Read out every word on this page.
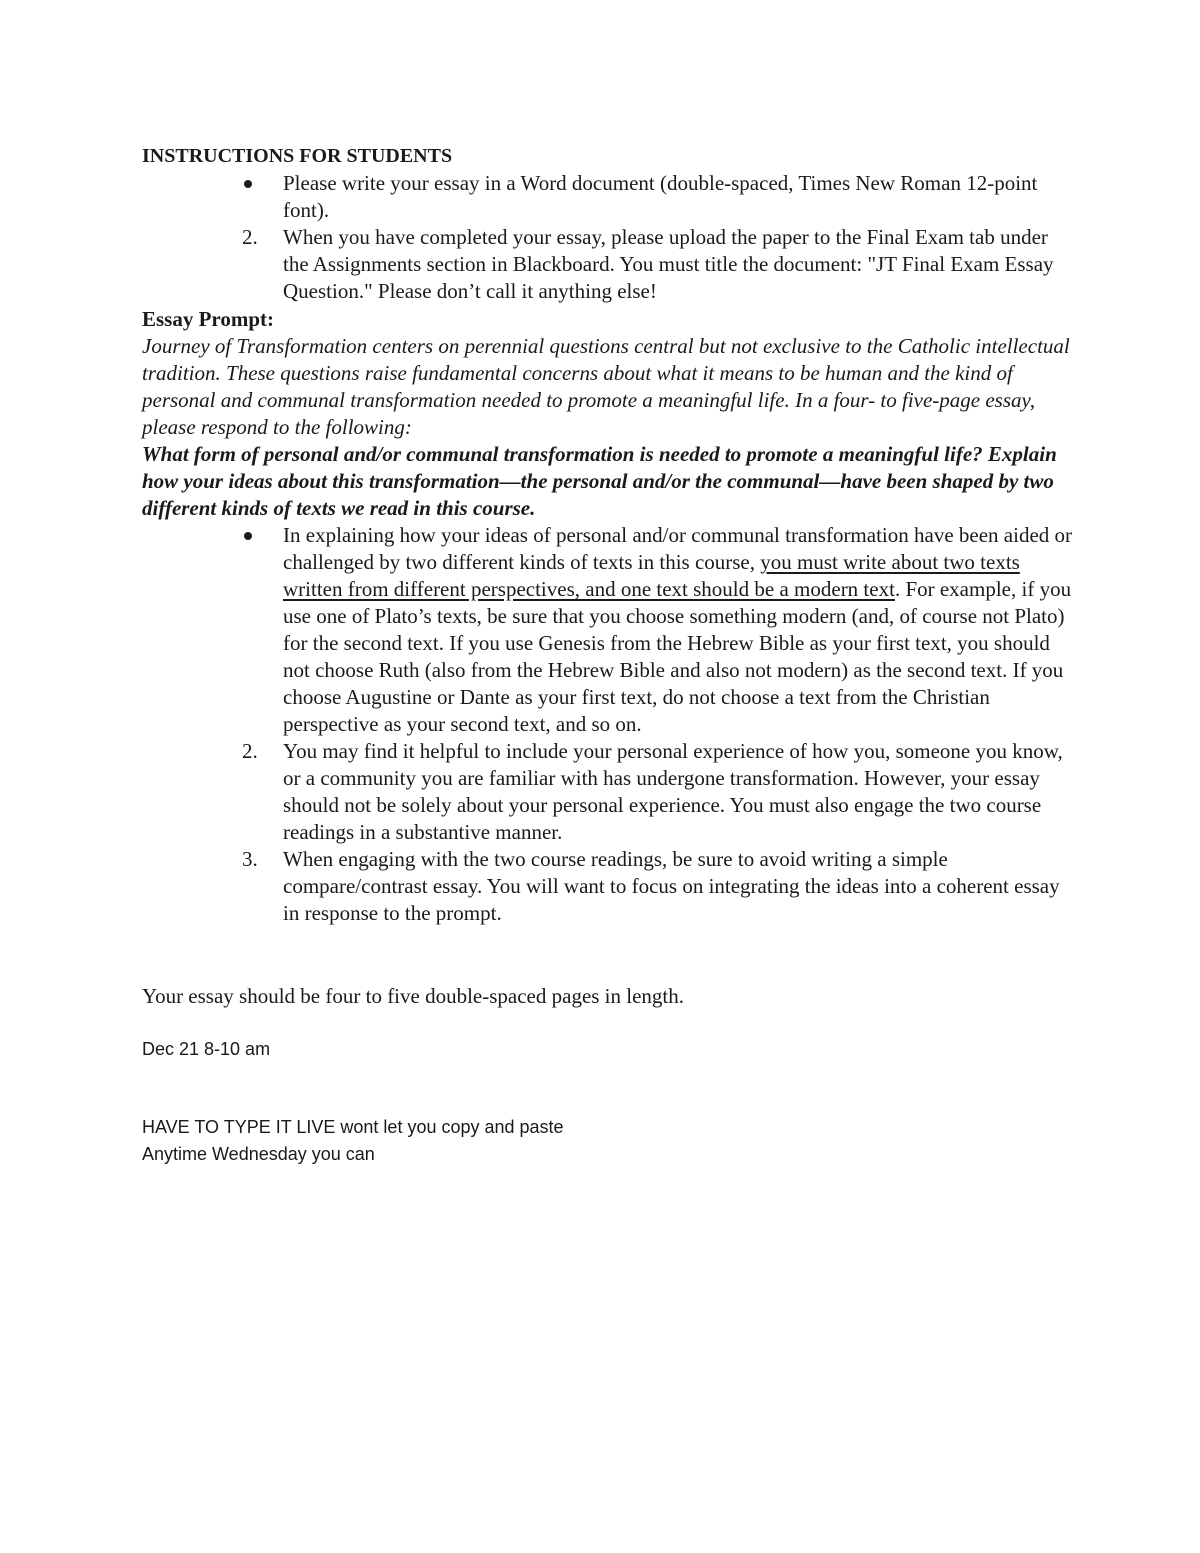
INSTRUCTIONS FOR STUDENTS
Please write your essay in a Word document (double-spaced, Times New Roman 12-point font).
2.	When you have completed your essay, please upload the paper to the Final Exam tab under the Assignments section in Blackboard. You must title the document: "JT Final Exam Essay Question." Please don’t call it anything else!
Essay Prompt:
Journey of Transformation centers on perennial questions central but not exclusive to the Catholic intellectual tradition. These questions raise fundamental concerns about what it means to be human and the kind of personal and communal transformation needed to promote a meaningful life. In a four- to five-page essay, please respond to the following:
What form of personal and/or communal transformation is needed to promote a meaningful life? Explain how your ideas about this transformation—the personal and/or the communal—have been shaped by two different kinds of texts we read in this course.
In explaining how your ideas of personal and/or communal transformation have been aided or challenged by two different kinds of texts in this course, you must write about two texts written from different perspectives, and one text should be a modern text. For example, if you use one of Plato’s texts, be sure that you choose something modern (and, of course not Plato) for the second text. If you use Genesis from the Hebrew Bible as your first text, you should not choose Ruth (also from the Hebrew Bible and also not modern) as the second text. If you choose Augustine or Dante as your first text, do not choose a text from the Christian perspective as your second text, and so on.
2.	You may find it helpful to include your personal experience of how you, someone you know, or a community you are familiar with has undergone transformation. However, your essay should not be solely about your personal experience. You must also engage the two course readings in a substantive manner.
3.	When engaging with the two course readings, be sure to avoid writing a simple compare/contrast essay. You will want to focus on integrating the ideas into a coherent essay in response to the prompt.
Your essay should be four to five double-spaced pages in length.
Dec 21 8-10 am
HAVE TO TYPE IT LIVE wont let you copy and paste
Anytime Wednesday you can
